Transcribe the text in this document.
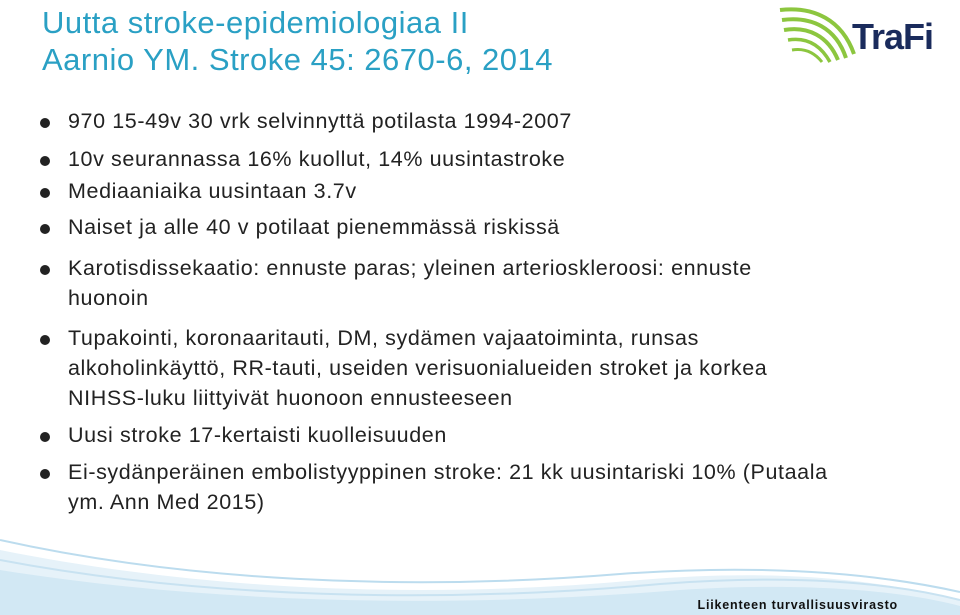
Uutta stroke-epidemiologiaa II
Aarnio YM. Stroke 45: 2670-6, 2014
TraFi
970 15-49v 30 vrk selvinnyttä potilasta 1994-2007
10v seurannassa 16% kuollut, 14% uusintastroke
Mediaaniaika uusintaan 3.7v
Naiset ja alle 40 v potilaat pienemmässä riskissä
Karotisdissekaatio: ennuste paras; yleinen arterioskleroosi: ennuste huonoin
Tupakointi, koronaaritauti, DM, sydämen vajaatoiminta, runsas alkoholinkäyttö, RR-tauti, useiden verisuonialueiden stroket ja korkea NIHSS-luku liittyivät huonoon ennusteeseen
Uusi stroke 17-kertaisti kuolleisuuden
Ei-sydänperäinen embolistyyppinen stroke: 21 kk uusintariski 10% (Putaala ym. Ann Med 2015)
Liikenteen turvallisuusvirasto
